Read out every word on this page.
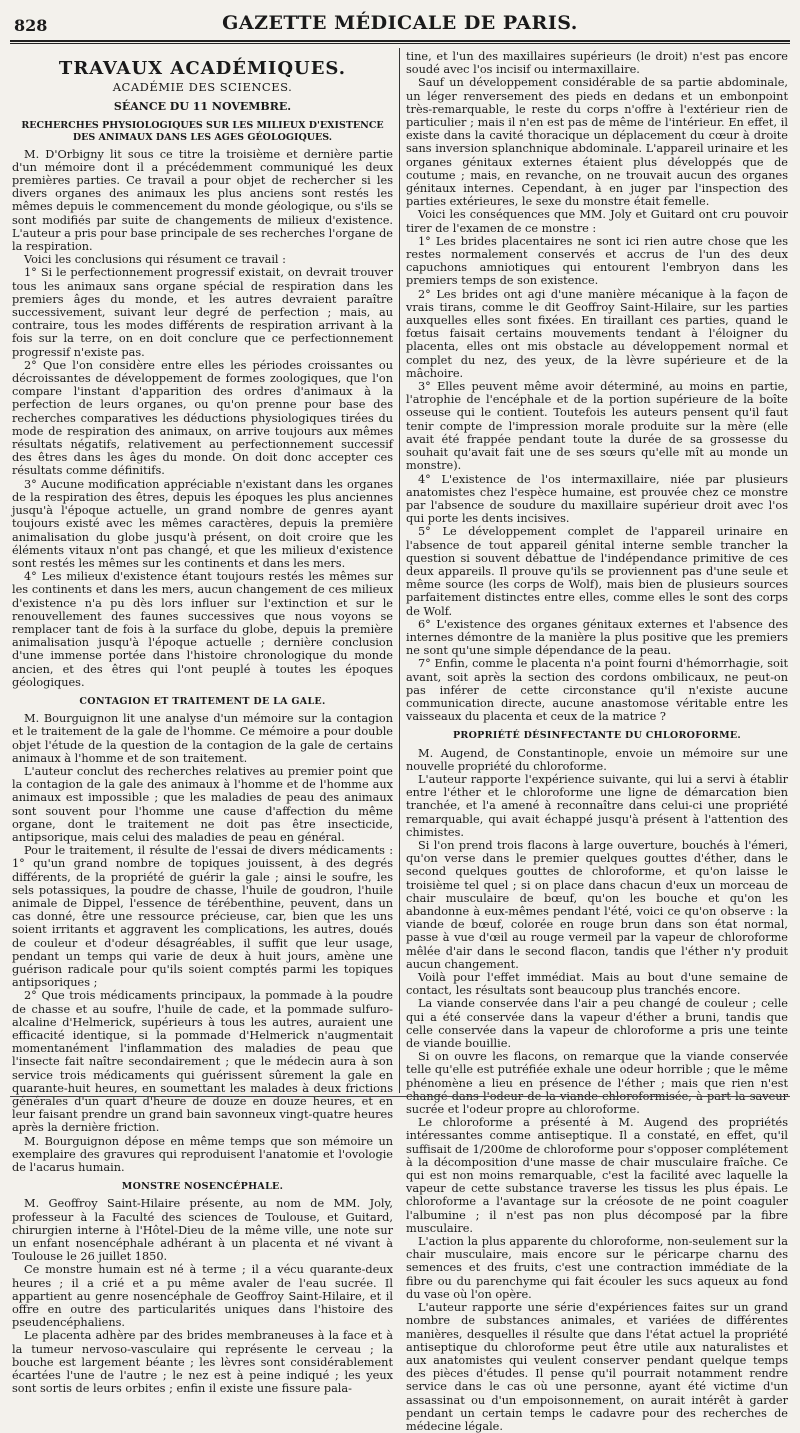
828	GAZETTE MÉDICALE DE PARIS.
TRAVAUX ACADÉMIQUES.
ACADÉMIE DES SCIENCES.
SÉANCE DU 11 NOVEMBRE.
RECHERCHES PHYSIOLOGIQUES SUR LES MILIEUX D'EXISTENCE DES ANIMAUX DANS LES AGES GÉOLOGIQUES.

M. D'Orbigny lit sous ce titre la troisième et dernière partie d'un mémoire dont il a précédemment communiqué les deux premières parties. Ce travail a pour objet de rechercher si les divers organes des animaux les plus anciens sont restés les mêmes depuis le commencement du monde géologique, ou s'ils se sont modifiés par suite de changements de milieux d'existence. L'auteur a pris pour base principale de ses recherches l'organe de la respiration.

Voici les conclusions qui résument ce travail :

1° Si le perfectionnement progressif existait, on devrait trouver tous les animaux sans organe spécial de respiration dans les premiers âges du monde, et les autres devraient paraître successivement, suivant leur degré de perfection ; mais, au contraire, tous les modes différents de respiration arrivant à la fois sur la terre, on en doit conclure que ce perfectionnement progressif n'existe pas.

2° Que l'on considère entre elles les périodes croissantes ou décroissantes de développement de formes zoologiques, que l'on compare l'instant d'apparition des ordres d'animaux à la perfection de leurs organes, ou qu'on prenne pour base des recherches comparatives les déductions physiologiques tirées du mode de respiration des animaux, on arrive toujours aux mêmes résultats négatifs, relativement au perfectionnement successif des êtres dans les âges du monde. On doit donc accepter ces résultats comme définitifs.

3° Aucune modification appréciable n'existant dans les organes de la respiration des êtres, depuis les époques les plus anciennes jusqu'à l'époque actuelle, un grand nombre de genres ayant toujours existé avec les mêmes caractères, depuis la première animalisation du globe jusqu'à présent, on doit croire que les éléments vitaux n'ont pas changé, et que les milieux d'existence sont restés les mêmes sur les continents et dans les mers.

4° Les milieux d'existence étant toujours restés les mêmes sur les continents et dans les mers, aucun changement de ces milieux d'existence n'a pu dès lors influer sur l'extinction et sur le renouvellement des faunes successives que nous voyons se remplacer tant de fois à la surface du globe, depuis la première animalisation jusqu'à l'époque actuelle ; dernière conclusion d'une immense portée dans l'histoire chronologique du monde ancien, et des êtres qui l'ont peuplé à toutes les époques géologiques.

CONTAGION ET TRAITEMENT DE LA GALE.

M. Bourguignon lit une analyse d'un mémoire sur la contagion et le traitement de la gale de l'homme. Ce mémoire a pour double objet l'étude de la question de la contagion de la gale de certains animaux à l'homme et de son traitement.

L'auteur conclut des recherches relatives au premier point que la contagion de la gale des animaux à l'homme et de l'homme aux animaux est impossible ; que les maladies de peau des animaux sont souvent pour l'homme une cause d'affection du même organe, dont le traitement ne doit pas être insecticide, antipsorique, mais celui des maladies de peau en général.

Pour le traitement, il résulte de l'essai de divers médicaments : 1° qu'un grand nombre de topiques jouissent, à des degrés différents, de la propriété de guérir la gale ; ainsi le soufre, les sels potassiques, la poudre de chasse, l'huile de goudron, l'huile animale de Dippel, l'essence de térébenthine, peuvent, dans un cas donné, être une ressource précieuse, car, bien que les uns soient irritants et aggravent les complications, les autres, doués de couleur et d'odeur désagréables, il suffit que leur usage, pendant un temps qui varie de deux à huit jours, amène une guérison radicale pour qu'ils soient comptés parmi les topiques antipsoriques ;

2° Que trois médicaments principaux, la pommade à la poudre de chasse et au soufre, l'huile de cade, et la pommade sulfuro-alcaline d'Helmerick, supérieurs à tous les autres, auraient une efficacité identique, si la pommade d'Helmerick n'augmentait momentanément l'inflammation des maladies de peau que l'insecte fait naître secondairement ; que le médecin aura à son service trois médicaments qui guérissent sûrement la gale en quarante-huit heures, en soumettant les malades à deux frictions générales d'un quart d'heure de douze en douze heures, et en leur faisant prendre un grand bain savonneux vingt-quatre heures après la dernière friction.

M. Bourguignon dépose en même temps que son mémoire un exemplaire des gravures qui reproduisent l'anatomie et l'ovologie de l'acarus humain.

MONSTRE NOSENCÉPHALE.

M. Geoffroy Saint-Hilaire présente, au nom de MM. Joly, professeur à la Faculté des sciences de Toulouse, et Guitard, chirurgien interne à l'Hôtel-Dieu de la même ville, une note sur un enfant nosencéphale adhérant à un placenta et né vivant à Toulouse le 26 juillet 1850.

Ce monstre humain est né à terme ; il a vécu quarante-deux heures ; il a crié et a pu même avaler de l'eau sucrée. Il appartient au genre nosencéphale de Geoffroy Saint-Hilaire, et il offre en outre des particularités uniques dans l'histoire des pseudencéphaliens.

Le placenta adhère par des brides membraneuses à la face et à la tumeur nervoso-vasculaire qui représente le cerveau ; la bouche est largement béante ; les lèvres sont considérablement écartées l'une de l'autre ; le nez est à peine indiqué ; les yeux sont sortis de leurs orbites ; enfin il existe une fissure pala-

tine, et l'un des maxillaires supérieurs (le droit) n'est pas encore soudé avec l'os incisif ou intermaxillaire.

Sauf un développement considérable de sa partie abdominale, un léger renversement des pieds en dedans et un embonpoint très-remarquable, le reste du corps n'offre à l'extérieur rien de particulier ; mais il n'en est pas de même de l'intérieur. En effet, il existe dans la cavité thoracique un déplacement du cœur à droite sans inversion splanchnique abdominale. L'appareil urinaire et les organes génitaux externes étaient plus développés que de coutume ; mais, en revanche, on ne trouvait aucun des organes génitaux internes. Cependant, à en juger par l'inspection des parties extérieures, le sexe du monstre était femelle.

Voici les conséquences que MM. Joly et Guitard ont cru pouvoir tirer de l'examen de ce monstre :

1° Les brides placentaires ne sont ici rien autre chose que les restes normalement conservés et accrus de l'un des deux capuchons amniotiques qui entourent l'embryon dans les premiers temps de son existence.

2° Les brides ont agi d'une manière mécanique à la façon de vrais tirans, comme le dit Geoffroy Saint-Hilaire, sur les parties auxquelles elles sont fixées. En tiraillant ces parties, quand le fœtus faisait certains mouvements tendant à l'éloigner du placenta, elles ont mis obstacle au développement normal et complet du nez, des yeux, de la lèvre supérieure et de la mâchoire.

3° Elles peuvent même avoir déterminé, au moins en partie, l'atrophie de l'encéphale et de la portion supérieure de la boîte osseuse qui le contient. Toutefois les auteurs pensent qu'il faut tenir compte de l'impression morale produite sur la mère (elle avait été frappée pendant toute la durée de sa grossesse du souhait qu'avait fait une de ses sœurs qu'elle mît au monde un monstre).

4° L'existence de l'os intermaxillaire, niée par plusieurs anatomistes chez l'espèce humaine, est prouvée chez ce monstre par l'absence de soudure du maxillaire supérieur droit avec l'os qui porte les dents incisives.

5° Le développement complet de l'appareil urinaire en l'absence de tout appareil génital interne semble trancher la question si souvent débattue de l'indépendance primitive de ces deux appareils. Il prouve qu'ils se proviennent pas d'une seule et même source (les corps de Wolf), mais bien de plusieurs sources parfaitement distinctes entre elles, comme elles le sont des corps de Wolf.

6° L'existence des organes génitaux externes et l'absence des internes démontre de la manière la plus positive que les premiers ne sont qu'une simple dépendance de la peau.

7° Enfin, comme le placenta n'a point fourni d'hémorrhagie, soit avant, soit après la section des cordons ombilicaux, ne peut-on pas inférer de cette circonstance qu'il n'existe aucune communication directe, aucune anastomose véritable entre les vaisseaux du placenta et ceux de la matrice ?

PROPRIÉTÉ DÉSINFECTANTE DU CHLOROFORME.

M. Augend, de Constantinople, envoie un mémoire sur une nouvelle propriété du chloroforme.

L'auteur rapporte l'expérience suivante, qui lui a servi à établir entre l'éther et le chloroforme une ligne de démarcation bien tranchée, et l'a amené à reconnaître dans celui-ci une propriété remarquable, qui avait échappé jusqu'à présent à l'attention des chimistes.

Si l'on prend trois flacons à large ouverture, bouchés à l'émeri, qu'on verse dans le premier quelques gouttes d'éther, dans le second quelques gouttes de chloroforme, et qu'on laisse le troisième tel quel ; si on place dans chacun d'eux un morceau de chair musculaire de bœuf, qu'on les bouche et qu'on les abandonne à eux-mêmes pendant l'été, voici ce qu'on observe : la viande de bœuf, colorée en rouge brun dans son état normal, passe à vue d'œil au rouge vermeil par la vapeur de chloroforme mêlée d'air dans le second flacon, tandis que l'éther n'y produit aucun changement.

Voilà pour l'effet immédiat. Mais au bout d'une semaine de contact, les résultats sont beaucoup plus tranchés encore.

La viande conservée dans l'air a peu changé de couleur ; celle qui a été conservée dans la vapeur d'éther a bruni, tandis que celle conservée dans la vapeur de chloroforme a pris une teinte de viande bouillie.

Si on ouvre les flacons, on remarque que la viande conservée telle qu'elle est putréfiée exhale une odeur horrible ; que le même phénomène a lieu en présence de l'éther ; mais que rien n'est changé dans l'odeur de la viande chloroformisée, à part la saveur sucrée et l'odeur propre au chloroforme.

Le chloroforme a présenté à M. Augend des propriétés intéressantes comme antiseptique. Il a constaté, en effet, qu'il suffisait de 1/200me de chloroforme pour s'opposer complétement à la décomposition d'une masse de chair musculaire fraîche. Ce qui est non moins remarquable, c'est la facilité avec laquelle la vapeur de cette substance traverse les tissus les plus épais. Le chloroforme a l'avantage sur la créosote de ne point coaguler l'albumine ; il n'est pas non plus décomposé par la fibre musculaire.

L'action la plus apparente du chloroforme, non-seulement sur la chair musculaire, mais encore sur le péricarpe charnu des semences et des fruits, c'est une contraction immédiate de la fibre ou du parenchyme qui fait écouler les sucs aqueux au fond du vase où l'on opère.

L'auteur rapporte une série d'expériences faites sur un grand nombre de substances animales, et variées de différentes manières, desquelles il résulte que dans l'état actuel la propriété antiseptique du chloroforme peut être utile aux naturalistes et aux anatomistes qui veulent conserver pendant quelque temps des pièces d'études. Il pense qu'il pourrait notamment rendre service dans le cas où une personne, ayant été victime d'un assassinat ou d'un empoisonnement, on aurait intérêt à garder pendant un certain temps le cadavre pour des recherches de médecine légale.
